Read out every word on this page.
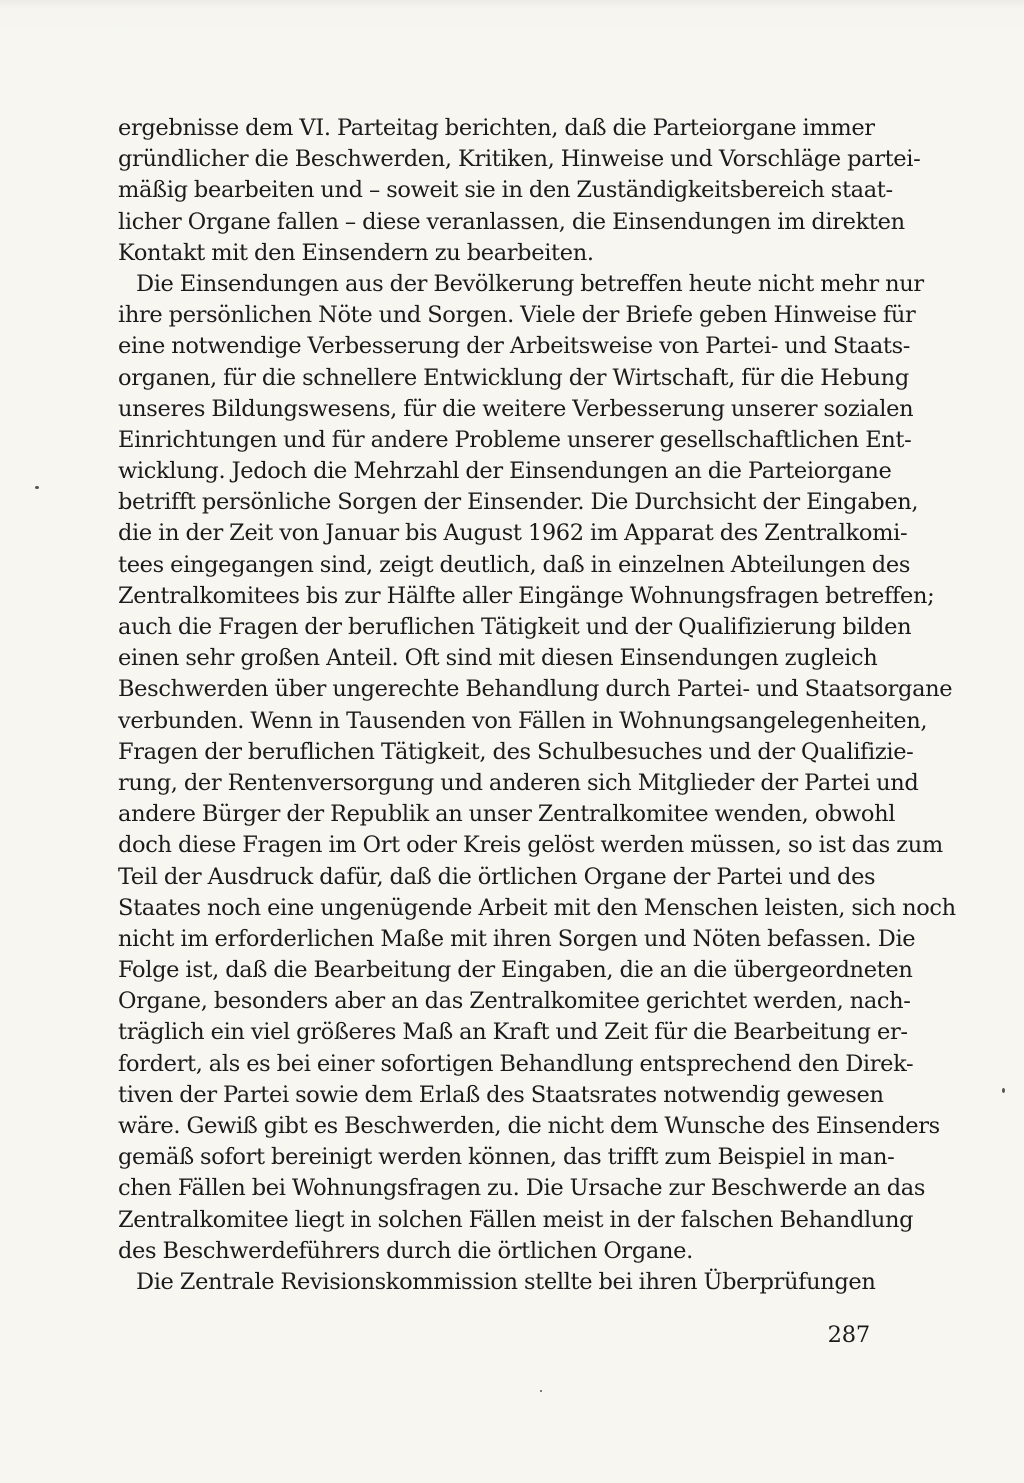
ergebnisse dem VI. Parteitag berichten, daß die Parteiorgane immer
gründlicher die Beschwerden, Kritiken, Hinweise und Vorschläge partei-
mäßig bearbeiten und – soweit sie in den Zuständigkeitsbereich staat-
licher Organe fallen – diese veranlassen, die Einsendungen im direkten
Kontakt mit den Einsendern zu bearbeiten.
Die Einsendungen aus der Bevölkerung betreffen heute nicht mehr nur
ihre persönlichen Nöte und Sorgen. Viele der Briefe geben Hinweise für
eine notwendige Verbesserung der Arbeitsweise von Partei- und Staats-
organen, für die schnellere Entwicklung der Wirtschaft, für die Hebung
unseres Bildungswesens, für die weitere Verbesserung unserer sozialen
Einrichtungen und für andere Probleme unserer gesellschaftlichen Ent-
wicklung. Jedoch die Mehrzahl der Einsendungen an die Parteiorgane
betrifft persönliche Sorgen der Einsender. Die Durchsicht der Eingaben,
die in der Zeit von Januar bis August 1962 im Apparat des Zentralkomi-
tees eingegangen sind, zeigt deutlich, daß in einzelnen Abteilungen des
Zentralkomitees bis zur Hälfte aller Eingänge Wohnungsfragen betreffen;
auch die Fragen der beruflichen Tätigkeit und der Qualifizierung bilden
einen sehr großen Anteil. Oft sind mit diesen Einsendungen zugleich
Beschwerden über ungerechte Behandlung durch Partei- und Staatsorgane
verbunden. Wenn in Tausenden von Fällen in Wohnungsangelegenheiten,
Fragen der beruflichen Tätigkeit, des Schulbesuches und der Qualifizie-
rung, der Rentenversorgung und anderen sich Mitglieder der Partei und
andere Bürger der Republik an unser Zentralkomitee wenden, obwohl
doch diese Fragen im Ort oder Kreis gelöst werden müssen, so ist das zum
Teil der Ausdruck dafür, daß die örtlichen Organe der Partei und des
Staates noch eine ungenügende Arbeit mit den Menschen leisten, sich noch
nicht im erforderlichen Maße mit ihren Sorgen und Nöten befassen. Die
Folge ist, daß die Bearbeitung der Eingaben, die an die übergeordneten
Organe, besonders aber an das Zentralkomitee gerichtet werden, nach-
träglich ein viel größeres Maß an Kraft und Zeit für die Bearbeitung er-
fordert, als es bei einer sofortigen Behandlung entsprechend den Direk-
tiven der Partei sowie dem Erlaß des Staatsrates notwendig gewesen
wäre. Gewiß gibt es Beschwerden, die nicht dem Wunsche des Einsenders
gemäß sofort bereinigt werden können, das trifft zum Beispiel in man-
chen Fällen bei Wohnungsfragen zu. Die Ursache zur Beschwerde an das
Zentralkomitee liegt in solchen Fällen meist in der falschen Behandlung
des Beschwerdeführers durch die örtlichen Organe.
Die Zentrale Revisionskommission stellte bei ihren Überprüfungen
287
